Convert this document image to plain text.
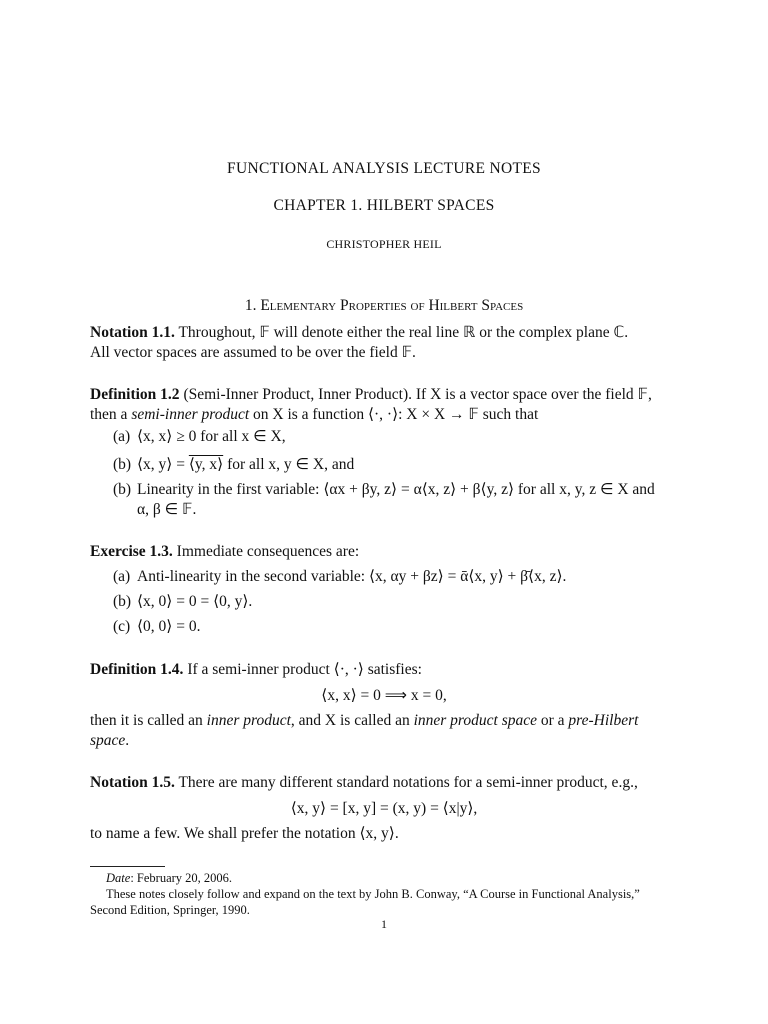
FUNCTIONAL ANALYSIS LECTURE NOTES
CHAPTER 1. HILBERT SPACES
CHRISTOPHER HEIL
1. Elementary Properties of Hilbert Spaces
Notation 1.1. Throughout, 𝔽 will denote either the real line ℝ or the complex plane ℂ.
All vector spaces are assumed to be over the field 𝔽.
Definition 1.2 (Semi-Inner Product, Inner Product). If X is a vector space over the field 𝔽,
then a semi-inner product on X is a function ⟨·, ·⟩: X × X → 𝔽 such that
(a) ⟨x, x⟩ ≥ 0 for all x ∈ X,
(b) ⟨x, y⟩ = ⟨y, x⟩ for all x, y ∈ X, and
(b) Linearity in the first variable: ⟨αx + βy, z⟩ = α⟨x, z⟩ + β⟨y, z⟩ for all x, y, z ∈ X and
α, β ∈ 𝔽.
Exercise 1.3. Immediate consequences are:
(a) Anti-linearity in the second variable: ⟨x, αy + βz⟩ = ᾱ⟨x, y⟩ + β̄⟨x, z⟩.
(b) ⟨x, 0⟩ = 0 = ⟨0, y⟩.
(c) ⟨0, 0⟩ = 0.
Definition 1.4. If a semi-inner product ⟨·, ·⟩ satisfies:
⟨x, x⟩ = 0 ⟹ x = 0,
then it is called an inner product, and X is called an inner product space or a pre-Hilbert
space.
Notation 1.5. There are many different standard notations for a semi-inner product, e.g.,
⟨x, y⟩ = [x, y] = (x, y) = ⟨x|y⟩,
to name a few. We shall prefer the notation ⟨x, y⟩.
Date: February 20, 2006.
These notes closely follow and expand on the text by John B. Conway, “A Course in Functional Analysis,”
Second Edition, Springer, 1990.
1
